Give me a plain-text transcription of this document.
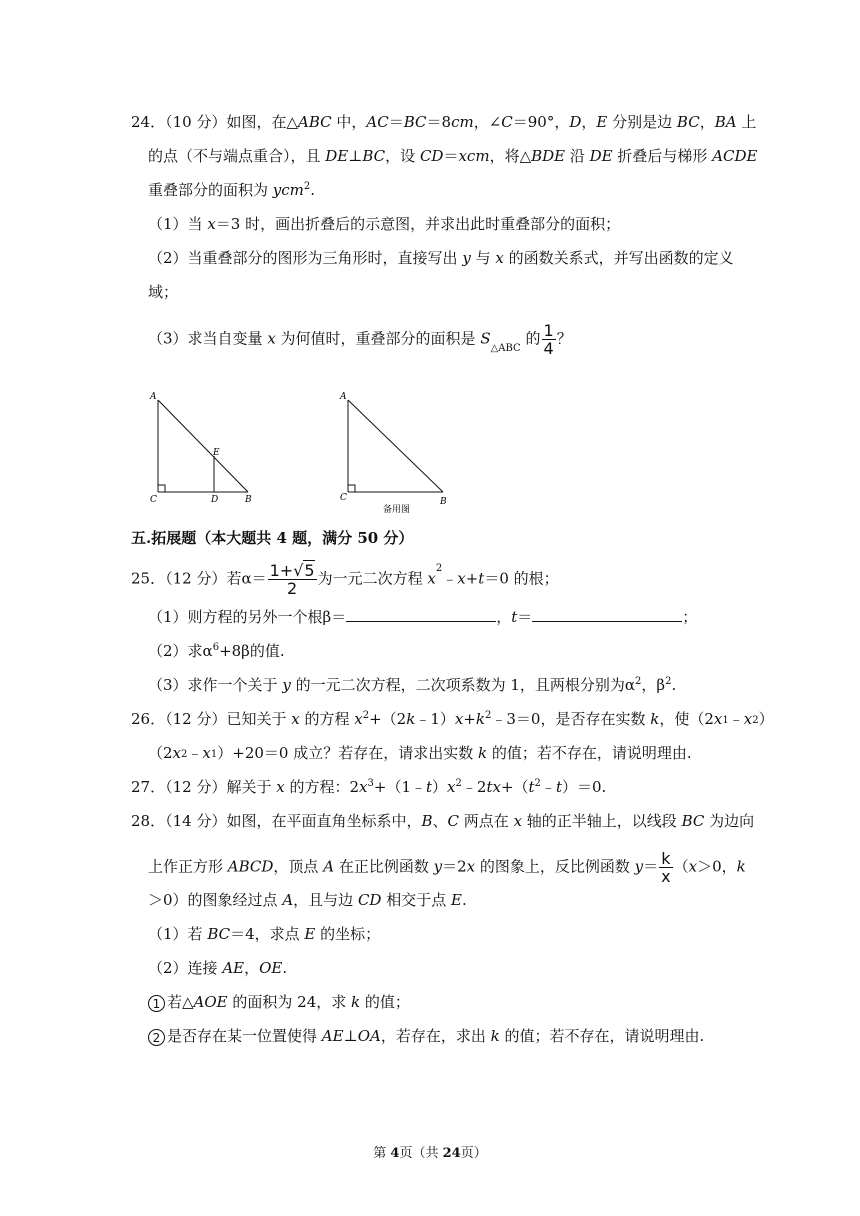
24．（10 分）如图，在△ABC 中，AC＝BC＝8cm，∠C＝90°，D，E 分别是边 BC，BA 上
的点（不与端点重合），且 DE⊥BC，设 CD＝xcm，将△BDE 沿 DE 折叠后与梯形 ACDE
重叠部分的面积为 ycm$^2$.
（1）当 x＝3 时，画出折叠后的示意图，并求出此时重叠部分的面积；
（2）当重叠部分的图形为三角形时，直接写出 y 与 x 的函数关系式，并写出函数的定义
域；
（3）求当自变量 x 为何值时，重叠部分的面积是 $S_{\triangle ABC}$ 的 $\frac{1}{4}$ ？
A
C	D	B
E
A
C	B
备用图
五.拓展题（本大题共 4 题，满分 50 分）
25．（12 分）若$\alpha= \frac{1+√5}{2}$ 为一元二次方程 $x^2﹣x+t=0$ 的根；
（1）则方程的另外一个根β＝	，t＝	；
（2）求$\alpha^6+8\beta$的值.
（3）求作一个关于 y 的一元二次方程，二次项系数为 1，且两根分别为$\alpha^2$，$\beta^2$.
26．（12 分）已知关于 x 的方程 $x^2+(2k﹣1)x+k^2﹣3=0$，是否存在实数 k，使$(2x_1﹣x_2)$
$(2x_2﹣x_1)+20=0$ 成立？若存在，请求出实数 k 的值；若不存在，请说明理由.
27．（12 分）解关于 x 的方程：$2x^3+(1﹣t)x^2﹣2tx+(t^2﹣t)=0$.
28．（14 分）如图，在平面直角坐标系中，B、C 两点在 x 轴的正半轴上，以线段 BC 为边向
上作正方形 ABCD，顶点 A 在正比例函数 y＝2x 的图象上，反比例函数 $y= \frac{k}{x} (x>0$，k
＞0）的图象经过点 A，且与边 CD 相交于点 E.
（1）若 BC＝4，求点 E 的坐标；
（2）连接 AE，OE.
1 若△AOE 的面积为 24，求 k 的值；
2 是否存在某一位置使得 AE⊥OA，若存在，求出 k 的值；若不存在，请说明理由.
第 4页（共 24页）
